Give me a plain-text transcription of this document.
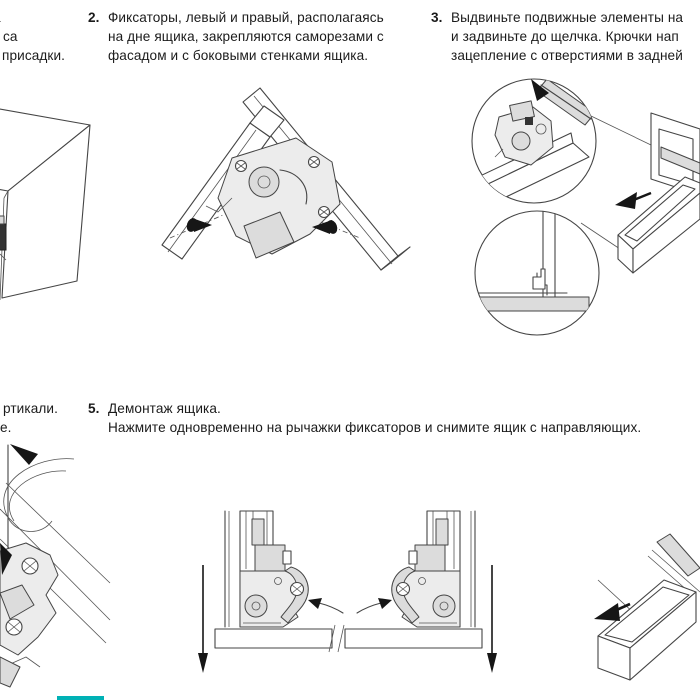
са
присадки.
2. Фиксаторы, левый и правый, располагаясь
на дне ящика, закрепляются саморезами с
фасадом и с боковыми стенками ящика.
3. Выдвиньте подвижные элементы на
и задвиньте до щелчка. Крючки нап
зацепление с отверстиями в задней
ртикали.
е.
5. Демонтаж ящика.
Нажмите одновременно на рычажки фиксаторов и снимите ящик с направляющих.
